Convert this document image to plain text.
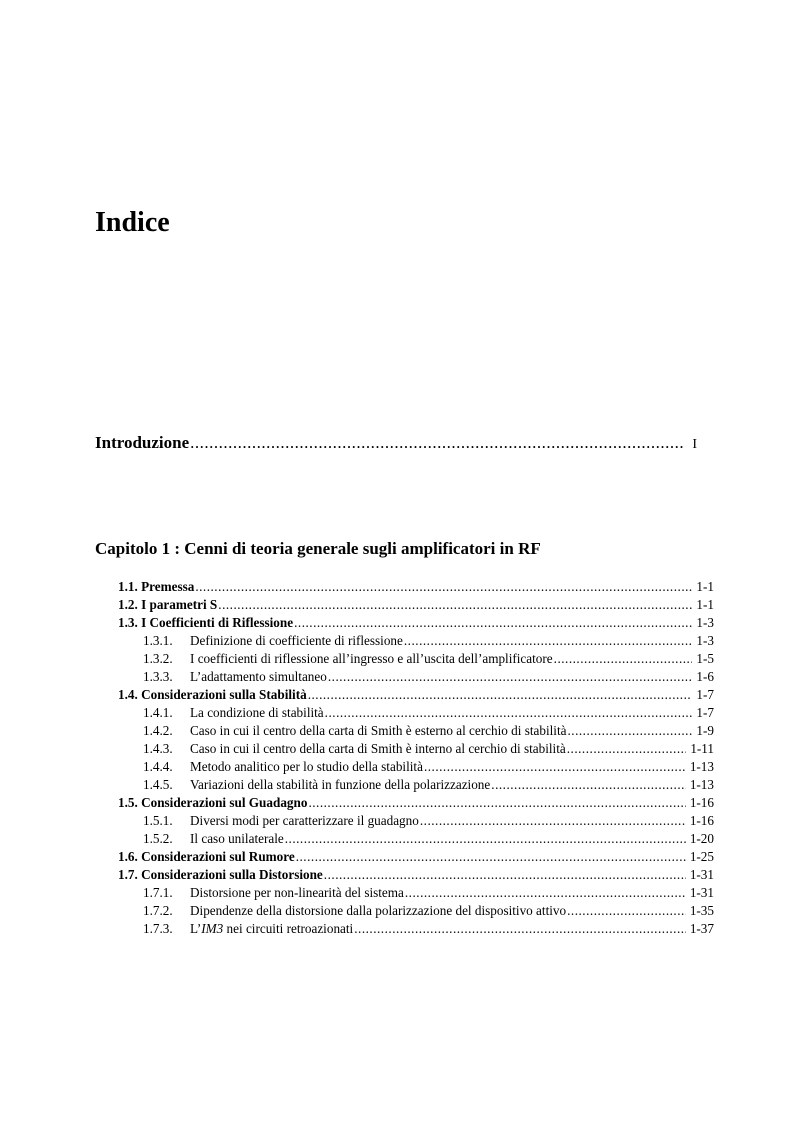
Indice
Introduzione .....	I
Capitolo 1 : Cenni di teoria generale sugli amplificatori in RF
1.1. Premessa .....	1-1
1.2. I parametri S .....	1-1
1.3. I Coefficienti di Riflessione .....	1-3
1.3.1.	Definizione di coefficiente di riflessione .....	1-3
1.3.2.	I coefficienti di riflessione all’ingresso e all’uscita dell’amplificatore .....	1-5
1.3.3.	L’adattamento simultaneo .....	1-6
1.4. Considerazioni sulla Stabilità .....	1-7
1.4.1.	La condizione di stabilità .....	1-7
1.4.2.	Caso in cui il centro della carta di Smith è esterno al cerchio di stabilità .....	1-9
1.4.3.	Caso in cui il centro della carta di Smith è interno al cerchio di stabilità .....	1-11
1.4.4.	Metodo analitico per lo studio della stabilità .....	1-13
1.4.5.	Variazioni della stabilità in funzione della polarizzazione .....	1-13
1.5. Considerazioni sul Guadagno .....	1-16
1.5.1.	Diversi modi per caratterizzare il guadagno .....	1-16
1.5.2.	Il caso unilaterale .....	1-20
1.6. Considerazioni sul Rumore .....	1-25
1.7. Considerazioni sulla Distorsione .....	1-31
1.7.1.	Distorsione per non-linearità del sistema .....	1-31
1.7.2.	Dipendenze della distorsione dalla polarizzazione del dispositivo attivo .....	1-35
1.7.3.	L’IM3 nei circuiti retroazionati .....	1-37
